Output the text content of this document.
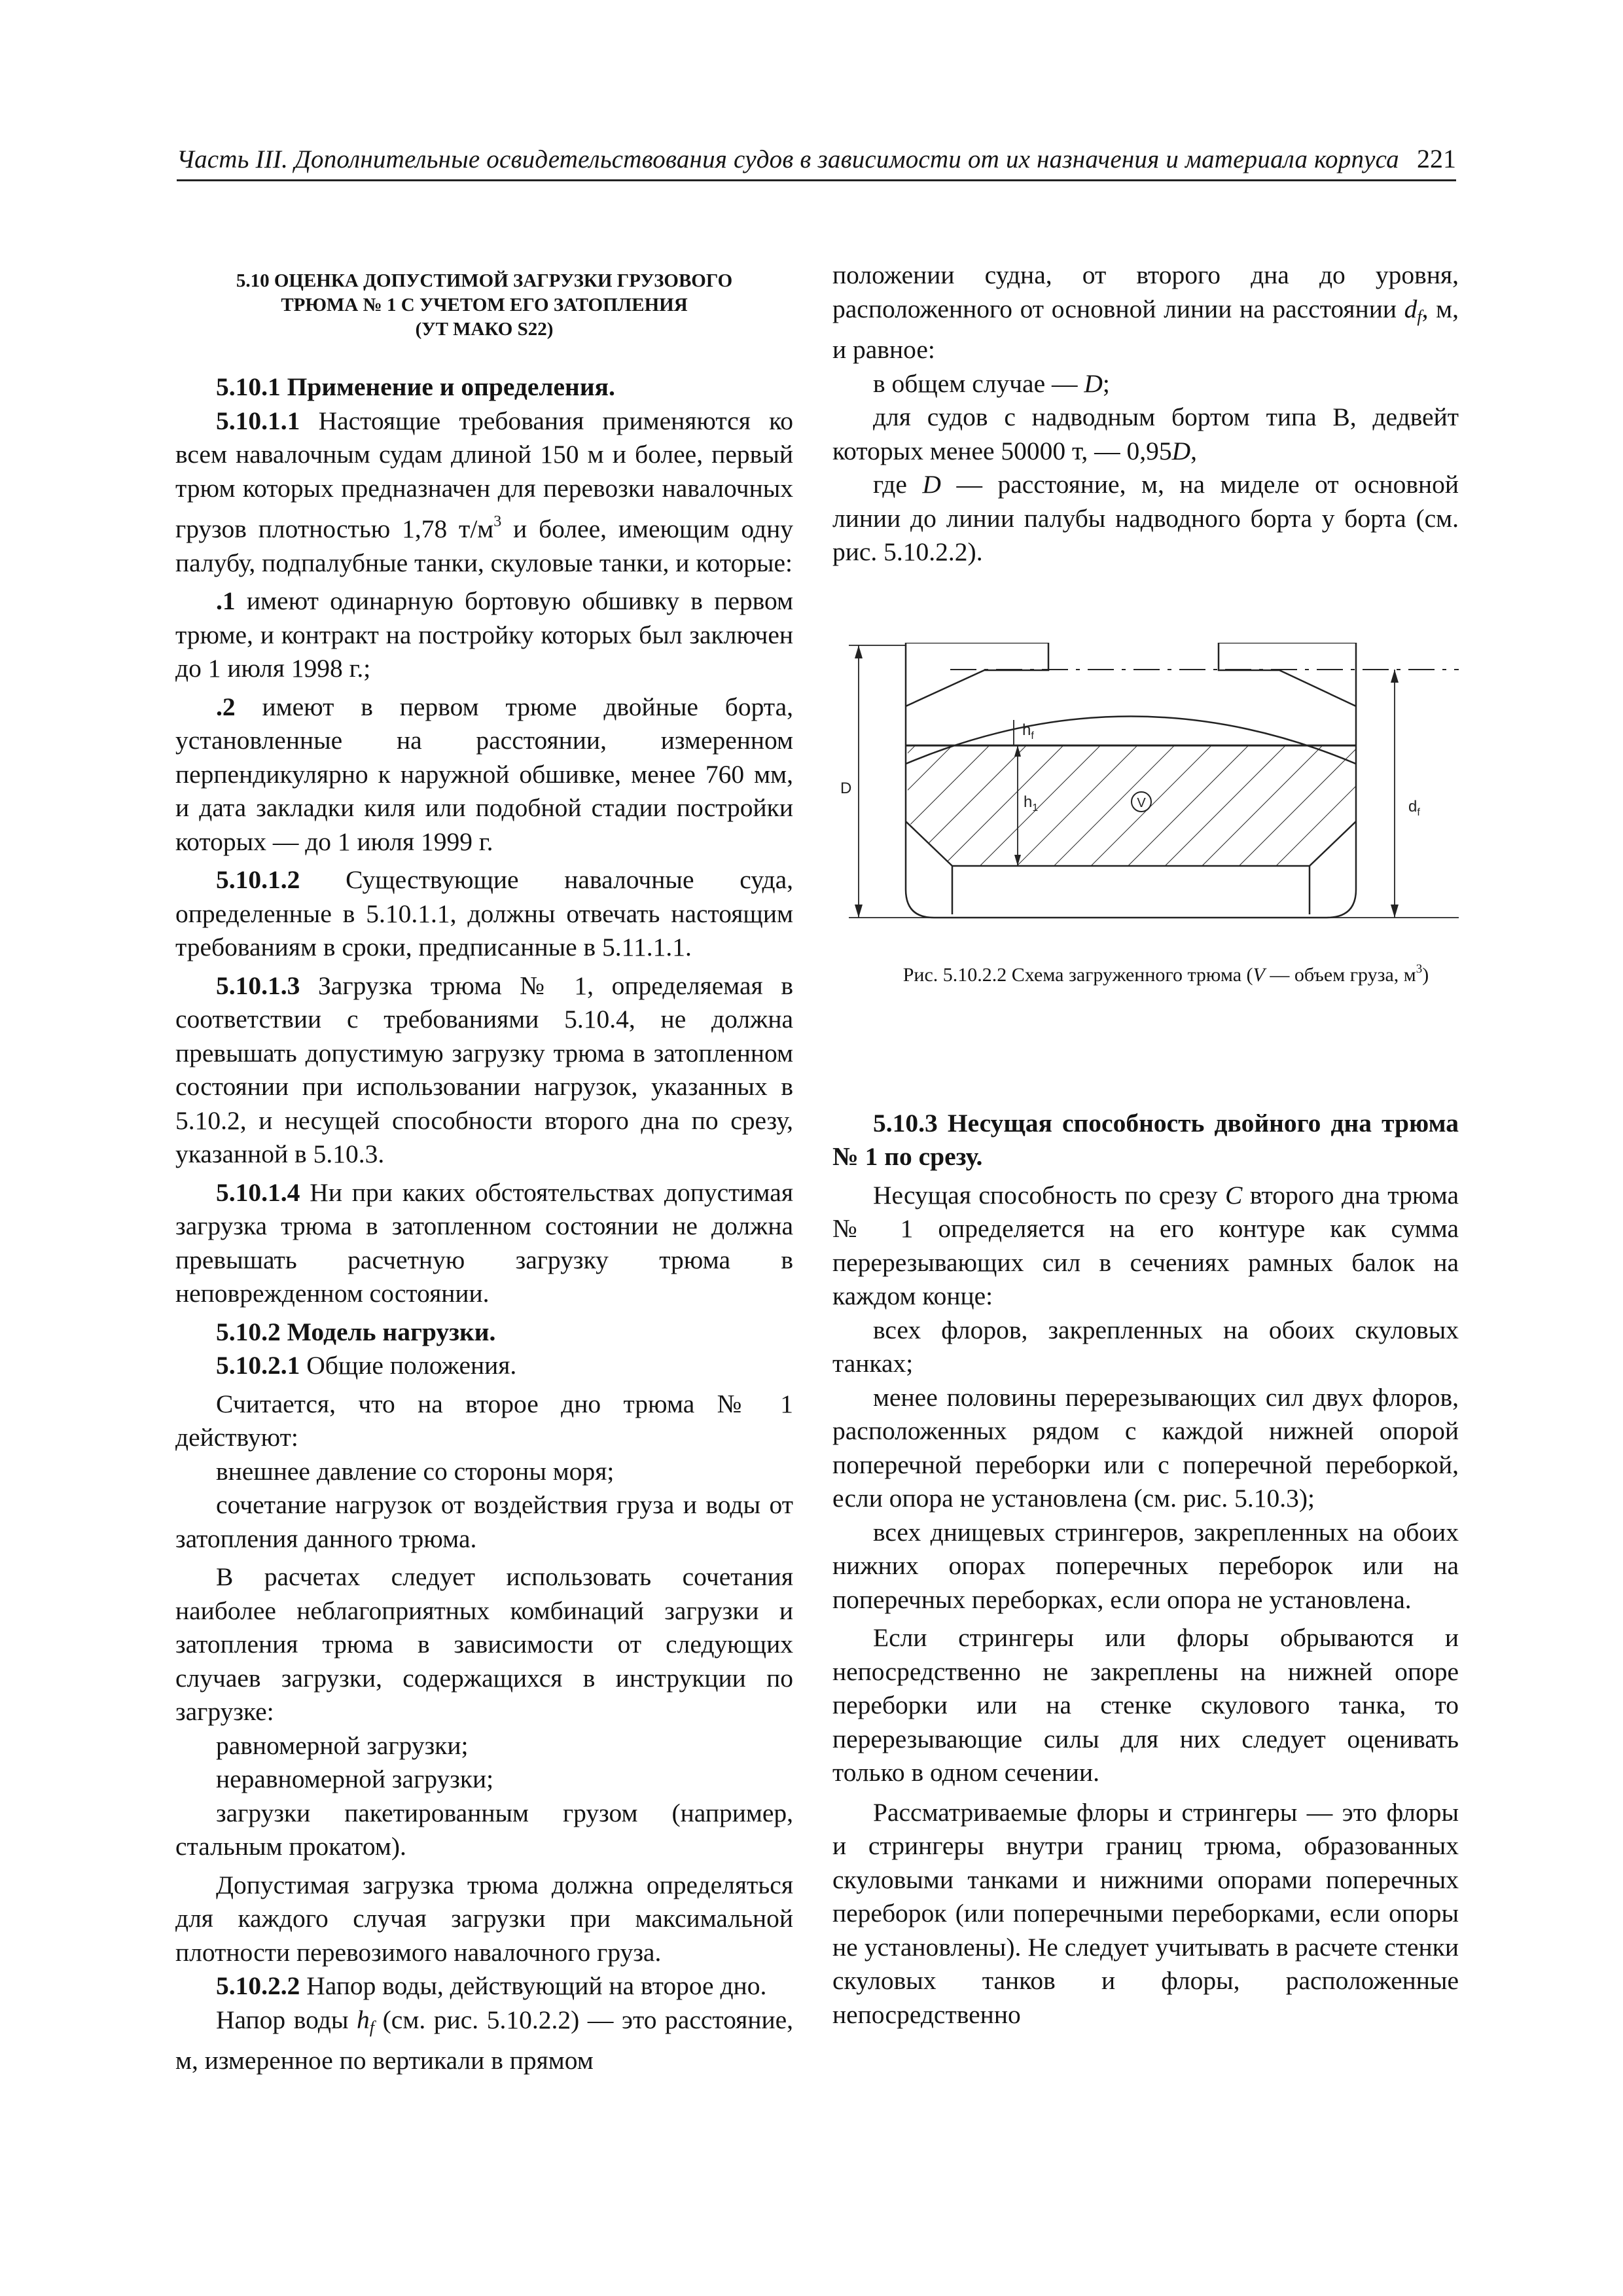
Часть III. Дополнительные освидетельствования судов в зависимости от их назначения и материала корпуса 221
5.10 ОЦЕНКА ДОПУСТИМОЙ ЗАГРУЗКИ ГРУЗОВОГО
ТРЮМА № 1 С УЧЕТОМ ЕГО ЗАТОПЛЕНИЯ
(УТ МАКО S22)

5.10.1 Применение и определения.

5.10.1.1 Настоящие требования применяются ко всем навалочным судам длиной 150 м и более, первый трюм которых предназначен для перевозки навалочных грузов плотностью 1,78 $т/м^3$ и более, имеющим одну палубу, подпалубные танки, скуловые танки, и которые:

.1 имеют одинарную бортовую обшивку в первом трюме, и контракт на постройку которых был заключен до 1 июля 1998 г.;

.2 имеют в первом трюме двойные борта, установленные на расстоянии, измеренном перпендикулярно к наружной обшивке, менее 760 мм, и дата закладки киля или подобной стадии постройки которых — до 1 июля 1999 г.

5.10.1.2 Существующие навалочные суда, определенные в 5.10.1.1, должны отвечать настоящим требованиям в сроки, предписанные в 5.11.1.1.

5.10.1.3 Загрузка трюма № 1, определяемая в соответствии с требованиями 5.10.4, не должна превышать допустимую загрузку трюма в затопленном состоянии при использовании нагрузок, указанных в 5.10.2, и несущей способности второго дна по срезу, указанной в 5.10.3.

5.10.1.4 Ни при каких обстоятельствах допустимая загрузка трюма в затопленном состоянии не должна превышать расчетную загрузку трюма в неповрежденном состоянии.

5.10.2 Модель нагрузки.

5.10.2.1 Общие положения.

Считается, что на второе дно трюма № 1 действуют:

внешнее давление со стороны моря;

сочетание нагрузок от воздействия груза и воды от затопления данного трюма.

В расчетах следует использовать сочетания наиболее неблагоприятных комбинаций загрузки и затопления трюма в зависимости от следующих случаев загрузки, содержащихся в инструкции по загрузке:

равномерной загрузки;

неравномерной загрузки;

загрузки пакетированным грузом (например, стальным прокатом).

Допустимая загрузка трюма должна определяться для каждого случая загрузки при максимальной плотности перевозимого навалочного груза.

5.10.2.2 Напор воды, действующий на второе дно.

Напор воды $h_f$ (см. рис. 5.10.2.2) — это расстояние, м, измеренное по вертикали в прямом

положении судна, от второго дна до уровня, расположенного от основной линии на расстоянии $d_f$, м, и равное:

в общем случае — D;

для судов с надводным бортом типа В, дедвейт которых менее 50000 т, — 0,95D,

где D — расстояние, м, на миделе от основной линии до линии палубы надводного борта у борта (см. рис. 5.10.2.2).

D
$d_f$
$h_1$
$h_f$
V

Рис. 5.10.2.2 Схема загруженного трюма (V — объем груза, $м^3$)

5.10.3 Несущая способность двойного дна трюма № 1 по срезу.

Несущая способность по срезу С второго дна трюма № 1 определяется на его контуре как сумма перерезывающих сил в сечениях рамных балок на каждом конце:

всех флоров, закрепленных на обоих скуловых танках;

менее половины перерезывающих сил двух флоров, расположенных рядом с каждой нижней опорой поперечной переборки или с поперечной переборкой, если опора не установлена (см. рис. 5.10.3);

всех днищевых стрингеров, закрепленных на обоих нижних опорах поперечных переборок или на поперечных переборках, если опора не установлена.

Если стрингеры или флоры обрываются и непосредственно не закреплены на нижней опоре переборки или на стенке скулового танка, то перерезывающие силы для них следует оценивать только в одном сечении.

Рассматриваемые флоры и стрингеры — это флоры и стрингеры внутри границ трюма, образованных скуловыми танками и нижними опорами поперечных переборок (или поперечными переборками, если опоры не установлены). Не следует учитывать в расчете стенки скуловых танков и флоры, расположенные непосредственно
